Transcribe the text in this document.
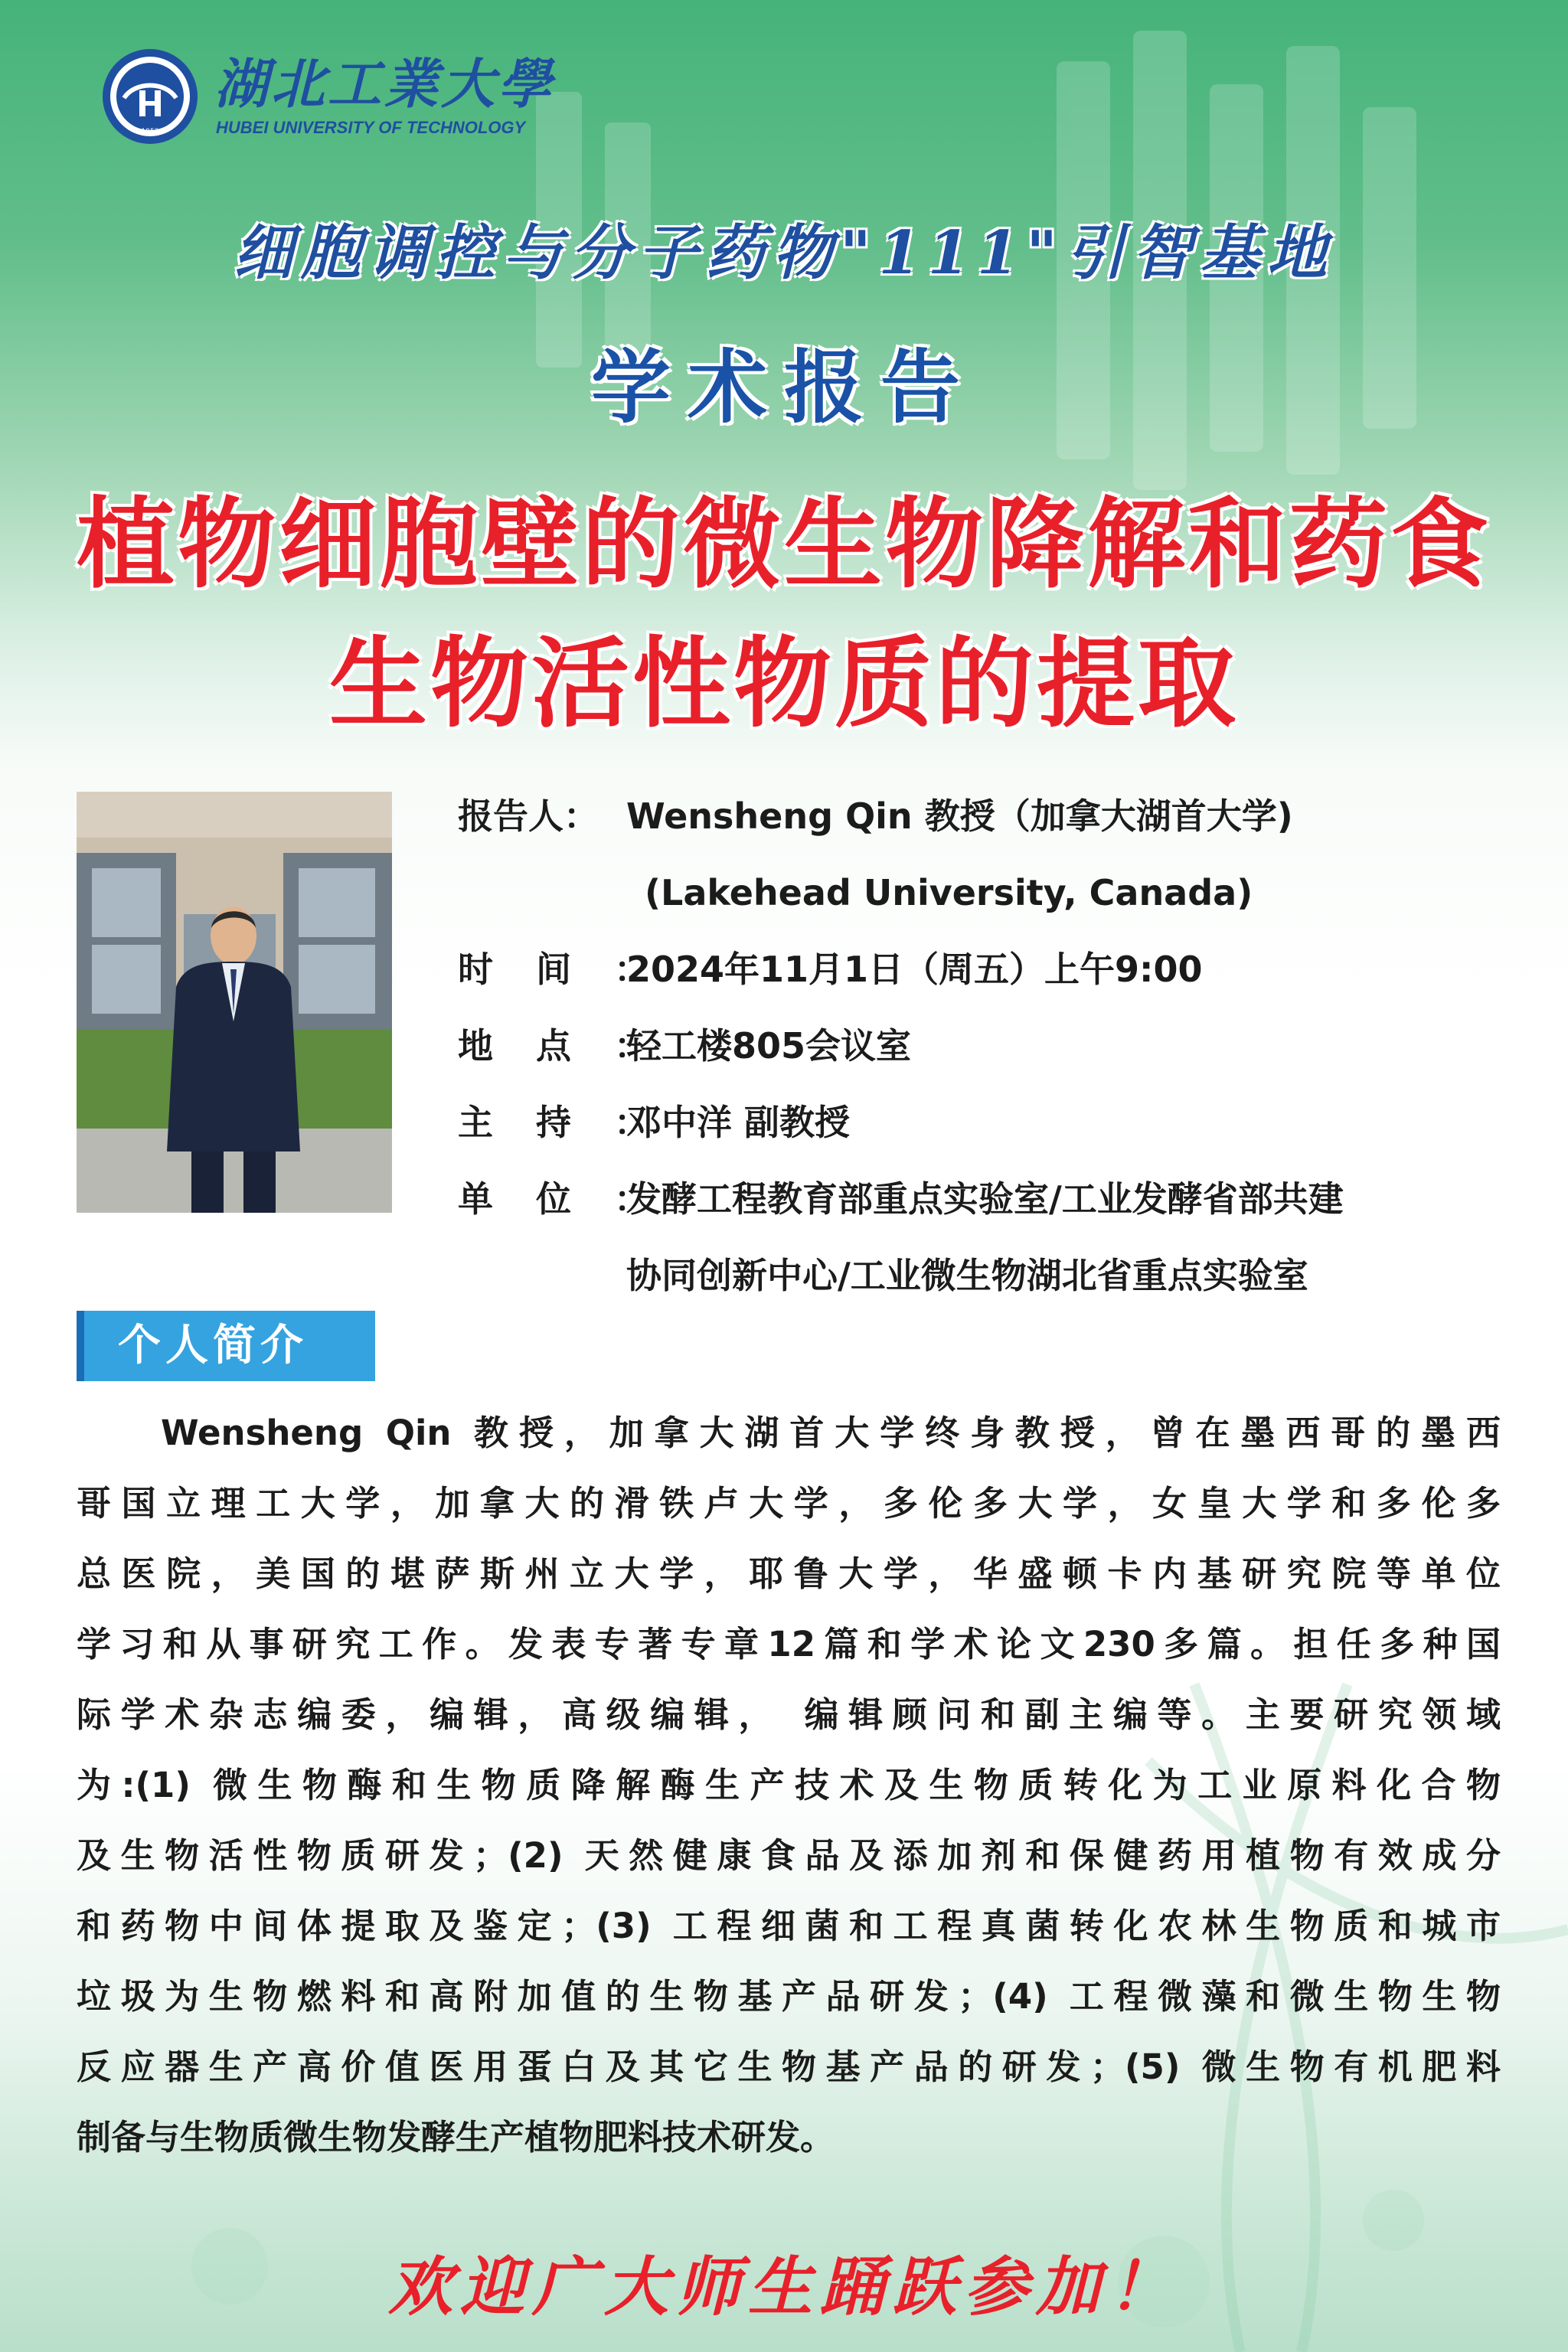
1952
湖北工業大學
HUBEI UNIVERSITY OF TECHNOLOGY
细胞调控与分子药物"111"引智基地
学术报告
植物细胞壁的微生物降解和药食
生物活性物质的提取
报告人： Wensheng Qin 教授（加拿大湖首大学)
(Lakehead University, Canada)
时间：2024年11月1日（周五）上午9:00
地点：轻工楼805会议室
主持：邓中洋 副教授
单位：发酵工程教育部重点实验室/工业发酵省部共建
协同创新中心/工业微生物湖北省重点实验室
个人简介
Wensheng Qin 教授，加拿大湖首大学终身教授，曾在墨西哥的墨西
哥国立理工大学，加拿大的滑铁卢大学，多伦多大学，女皇大学和多伦多
总医院，美国的堪萨斯州立大学，耶鲁大学，华盛顿卡内基研究院等单位
学习和从事研究工作。发表专著专章12篇和学术论文230多篇。担任多种国
际学术杂志编委，编辑，高级编辑， 编辑顾问和副主编等。主要研究领域
为:(1) 微生物酶和生物质降解酶生产技术及生物质转化为工业原料化合物
及生物活性物质研发；(2) 天然健康食品及添加剂和保健药用植物有效成分
和药物中间体提取及鉴定；(3) 工程细菌和工程真菌转化农林生物质和城市
垃圾为生物燃料和高附加值的生物基产品研发；(4) 工程微藻和微生物生物
反应器生产高价值医用蛋白及其它生物基产品的研发；(5) 微生物有机肥料
制备与生物质微生物发酵生产植物肥料技术研发。
欢迎广大师生踊跃参加！
